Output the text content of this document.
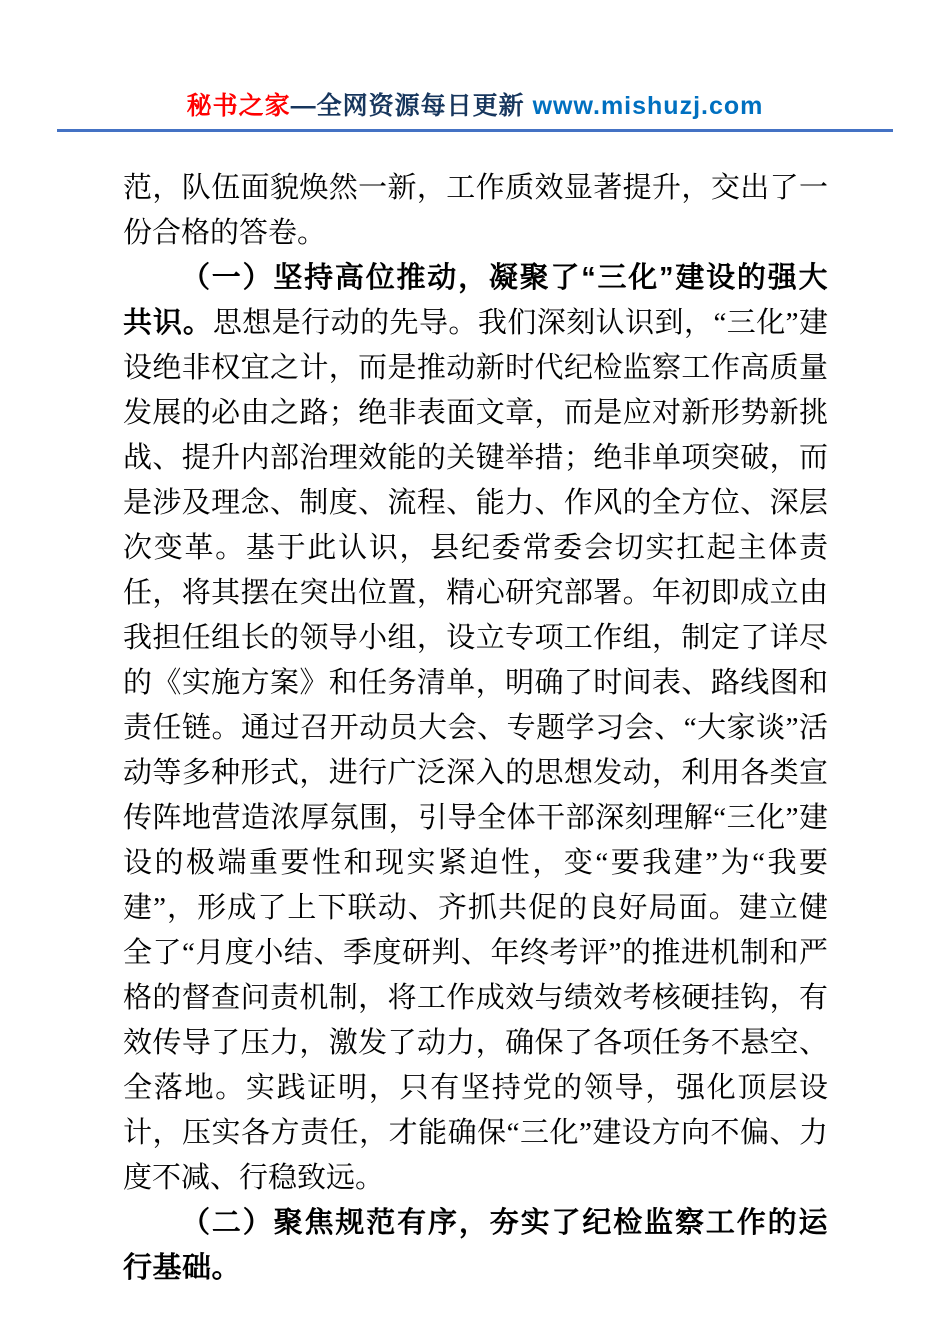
秘书之家—全网资源每日更新 www.mishuzj.com

范，队伍面貌焕然一新，工作质效显著提升，交出了一份合格的答卷。

（一）坚持高位推动，凝聚了“三化”建设的强大共识。思想是行动的先导。我们深刻认识到，“三化”建设绝非权宜之计，而是推动新时代纪检监察工作高质量发展的必由之路；绝非表面文章，而是应对新形势新挑战、提升内部治理效能的关键举措；绝非单项突破，而是涉及理念、制度、流程、能力、作风的全方位、深层次变革。基于此认识，县纪委常委会切实扛起主体责任，将其摆在突出位置，精心研究部署。年初即成立由我担任组长的领导小组，设立专项工作组，制定了详尽的《实施方案》和任务清单，明确了时间表、路线图和责任链。通过召开动员大会、专题学习会、“大家谈”活动等多种形式，进行广泛深入的思想发动，利用各类宣传阵地营造浓厚氛围，引导全体干部深刻理解“三化”建设的极端重要性和现实紧迫性，变“要我建”为“我要建”，形成了上下联动、齐抓共促的良好局面。建立健全了“月度小结、季度研判、年终考评”的推进机制和严格的督查问责机制，将工作成效与绩效考核硬挂钩，有效传导了压力，激发了动力，确保了各项任务不悬空、全落地。实践证明，只有坚持党的领导，强化顶层设计，压实各方责任，才能确保“三化”建设方向不偏、力度不减、行稳致远。

（二）聚焦规范有序，夯实了纪检监察工作的运行基础。
